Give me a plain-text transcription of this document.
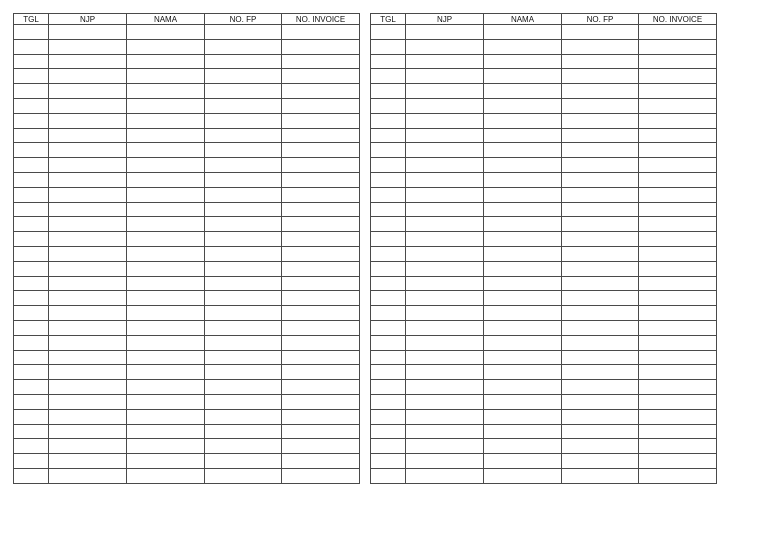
TGL	NJP	NAMA	NO. FP	NO. INVOICE

					TGL	NJP	NAMA	NO. FP	NO. INVOICE
